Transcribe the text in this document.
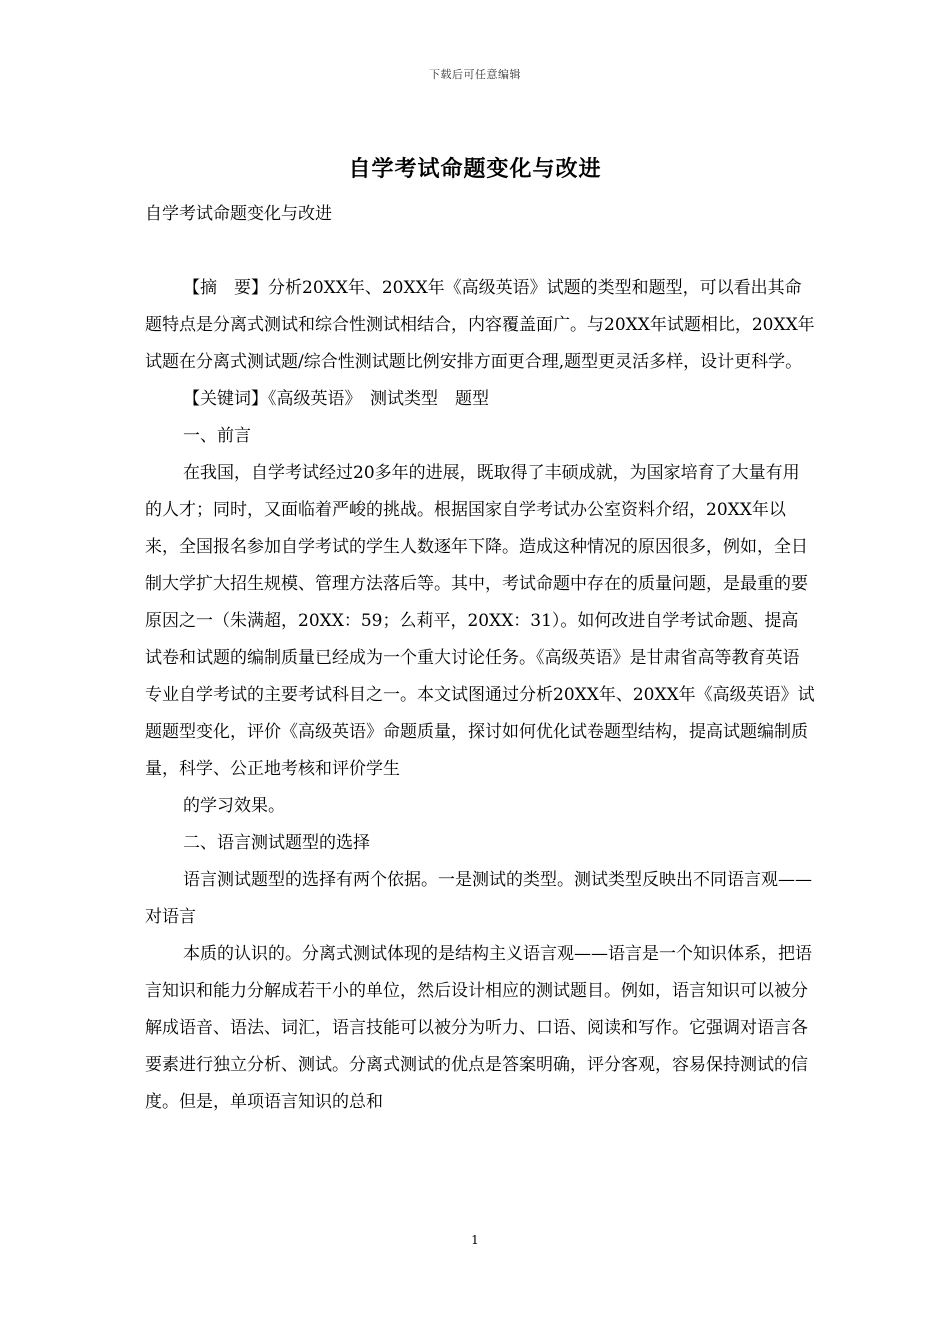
下载后可任意编辑
自学考试命题变化与改进

自学考试命题变化与改进

【摘　要】分析20XX年、20XX年《高级英语》试题的类型和题型，可以看出其命题特点是分离式测试和综合性测试相结合，内容覆盖面广。与20XX年试题相比，20XX年试题在分离式测试题/综合性测试题比例安排方面更合理,题型更灵活多样，设计更科学。

【关键词】《高级英语》　测试类型　题型

一、前言

在我国，自学考试经过20多年的进展，既取得了丰硕成就，为国家培育了大量有用的人才；同时，又面临着严峻的挑战。根据国家自学考试办公室资料介绍，20XX年以来，全国报名参加自学考试的学生人数逐年下降。造成这种情况的原因很多，例如，全日制大学扩大招生规模、管理方法落后等。其中，考试命题中存在的质量问题，是最重的要原因之一（朱满超，20XX：59；么莉平，20XX：31）。如何改进自学考试命题、提高试卷和试题的编制质量已经成为一个重大讨论任务。《高级英语》是甘肃省高等教育英语专业自学考试的主要考试科目之一。本文试图通过分析20XX年、20XX年《高级英语》试题题型变化，评价《高级英语》命题质量，探讨如何优化试卷题型结构，提高试题编制质量，科学、公正地考核和评价学生

的学习效果。

二、语言测试题型的选择

语言测试题型的选择有两个依据。一是测试的类型。测试类型反映出不同语言观——对语言

本质的认识的。分离式测试体现的是结构主义语言观——语言是一个知识体系，把语言知识和能力分解成若干小的单位，然后设计相应的测试题目。例如，语言知识可以被分解成语音、语法、词汇，语言技能可以被分为听力、口语、阅读和写作。它强调对语言各要素进行独立分析、测试。分离式测试的优点是答案明确，评分客观，容易保持测试的信度。但是，单项语言知识的总和

1
